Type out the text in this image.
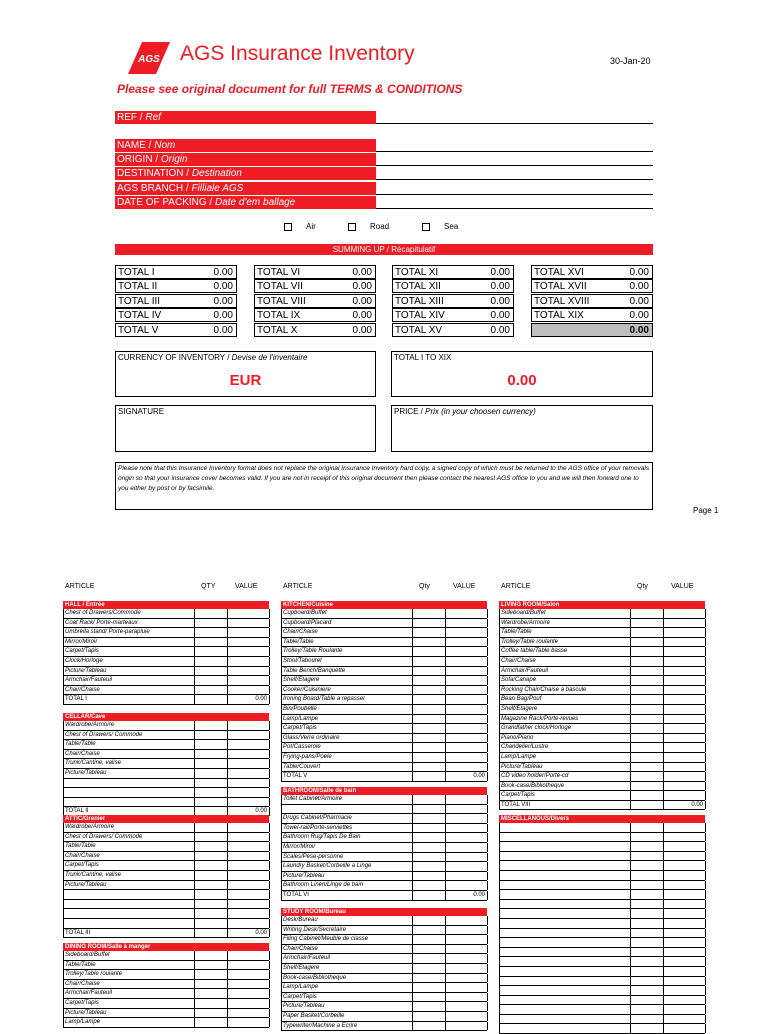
AGS AGS Insurance Inventory	30-Jan-20
Please see original document for full TERMS & CONDITIONS
REF / Ref
NAME / Nom
ORIGIN / Origin
DESTINATION / Destination
AGS BRANCH / Filliale AGS
DATE OF PACKING / Date d'em ballage
Air	Road	Sea
SUMMING UP / Récapitulatif
TOTAL I	0.00
TOTAL II	0.00
TOTAL III	0.00
TOTAL IV	0.00
TOTAL V	0.00
TOTAL VI	0.00
TOTAL VII	0.00
TOTAL VIII	0.00
TOTAL IX	0.00
TOTAL X	0.00
TOTAL XI	0.00
TOTAL XII	0.00
TOTAL XIII	0.00
TOTAL XIV	0.00
TOTAL XV	0.00
TOTAL XVI	0.00
TOTAL XVII	0.00
TOTAL XVIII	0.00
TOTAL XIX	0.00
0.00
CURRENCY OF INVENTORY / Devise de l'inventaire
EUR
TOTAL I TO XIX
0.00
SIGNATURE	PRICE / Prix (in your choosen currency)
Please note that this Insurance Inventory format does not replace the original Insurance Inventory hard copy, a signed copy of which must be returned to the AGS office of your removals origin so that your insurance cover becomes valid. If you are not in receipt of this original document then please contact the nearest AGS office to you and we will then forward one to you either by post or by facsimile.
Page 1
ARTICLE	QTY	VALUE	ARTICLE	Qty	VALUE	ARTICLE	Qty	VALUE
HALL / Entrée
Chest of Drawers/Commode
Coat Rack/ Porte-marteaux
Umbrella stand/ Porte-parapluie
Mirror/Miroir
Carpet/Tapis
Clock/Horloge
Picture/Tableau
Armchair/Fauteuil
Chair/Chaise
TOTAL I	0.00
CELLAR/Cave
Wardrobe/Armoire
Chest of Drawers/ Commode
Table/Table
Chair/Chaise
Trunk/Cantine, valise
Picture/Tableau
TOTAL II	0.00
ATTIC/Grenier
Wardrobe/Armoire
Chest of Drawers/ Commode
Table/Table
Chair/Chaise
Carpet/Tapis
Trunk/Cantine, valise
Picture/Tableau
TOTAL III	0.00
DINING ROOM/Salle à manger
Sideboard/Buffet
Table/Table
Trolley/Table roulante
Chair/Chaise
Armchair/Fauteuil
Carpet/Tapis
Picture/Tableau
Lamp/Lampe
KITCHEN/Cuisine
Cupboard/Buffet
Cupboard/Placard
Chair/Chaise
Table/Table
Trolley/Table Roulante
Stool/Tabouret
Table Bench/Banquette
Shelf/Etagere
Cooker/Cuisiniere
Ironing Board/Table a repasser
Bin/Poubelle
Lamp/Lampe
Carpet/Tapis
Glass/Verre ordinaire
Pot/Casserole
Frying-pans/Poele
Table/Couvert
TOTAL V	0.00
BATHROOM/Salle de bain
Toilet Cabinet/Armoire
Drugs Cabinet/Pharmacie
Towel-rail/Porte-serviettes
Bathroom Rug/Tapis De Bain
Mirror/Miroir
Scales/Pese-personne
Laundry Basket/Corbeille a Linge
Picture/Tableau
Bathroom Linen/Linge de bain
TOTAL VI	0.00
STUDY ROOM/Bureau
Desk/Bureau
Writing Desk/Secretaire
Filing Cabinet/Meuble de classe
Chair/Chaise
Armchair/Fauteuil
Shelf/Etagere
Book-case/Bibliotheque
Lamp/Lampe
Carpet/Tapis
Picture/Tableau
Paper Basket/Corbeille
Typewriter/Machine a Ecrire
LIVING ROOM/Salon
Sideboard/Buffet
Wardrobe/Armoire
Table/Table
Trolley/Table roulante
Coffee table/Table basse
Chair/Chaise
Armchair/Fauteuil
Sofa/Canape
Rocking Chair/Chaise a bascule
Bean Bag/Pouf
Shelf/Etagere
Magazine Rack/Porte-revues
Grandfather clock/Horloge
Piano/Piano
Chandelier/Lustre
Lamp/Lampe
Picture/Tableau
CD video holder/Porte-cd
Book-case/Bibliotheque
Carpet/Tapis
TOTAL VIII	0.00
MISCELLANOUS/Divers
